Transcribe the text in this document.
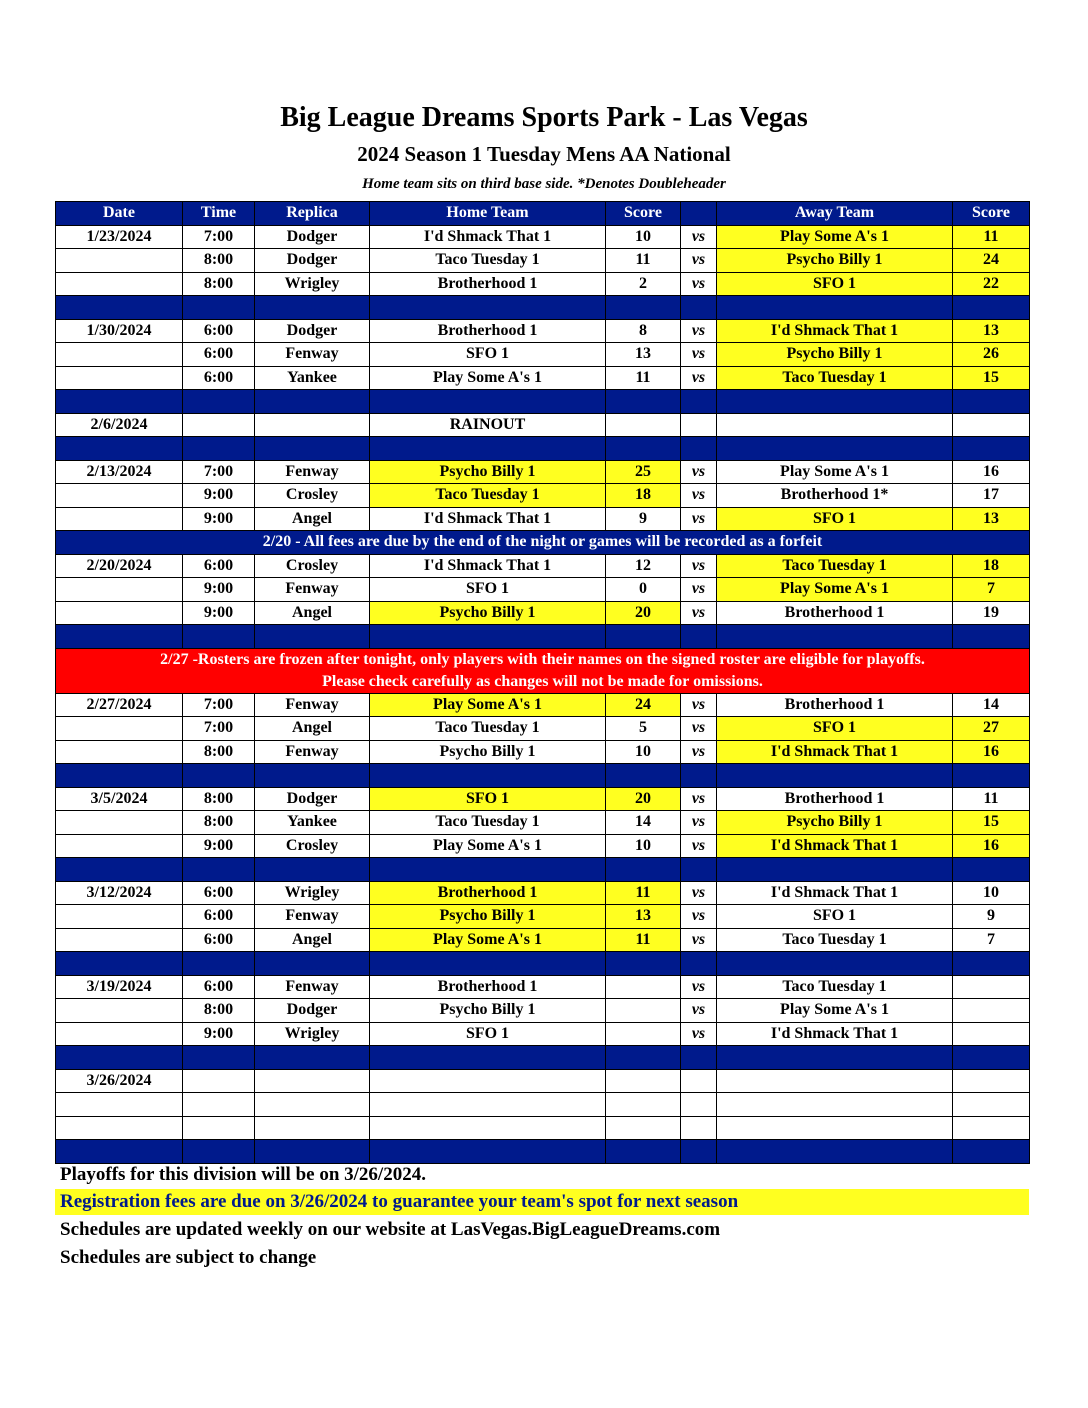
Big League Dreams Sports Park - Las Vegas
2024 Season 1 Tuesday Mens AA National
Home team sits on third base side. *Denotes Doubleheader
Date	Time	Replica	Home Team	Score		Away Team	Score
1/23/2024	7:00	Dodger	I'd Shmack That 1	10	vs	Play Some A's 1	11
	8:00	Dodger	Taco Tuesday 1	11	vs	Psycho Billy 1	24
	8:00	Wrigley	Brotherhood 1	2	vs	SFO 1	22

1/30/2024	6:00	Dodger	Brotherhood 1	8	vs	I'd Shmack That 1	13
	6:00	Fenway	SFO 1	13	vs	Psycho Billy 1	26
	6:00	Yankee	Play Some A's 1	11	vs	Taco Tuesday 1	15

2/6/2024			RAINOUT				

2/13/2024	7:00	Fenway	Psycho Billy 1	25	vs	Play Some A's 1	16
	9:00	Crosley	Taco Tuesday 1	18	vs	Brotherhood 1*	17
	9:00	Angel	I'd Shmack That 1	9	vs	SFO 1	13
2/20 - All fees are due by the end of the night or games will be recorded as a forfeit							
2/20/2024	6:00	Crosley	I'd Shmack That 1	12	vs	Taco Tuesday 1	18
	9:00	Fenway	SFO 1	0	vs	Play Some A's 1	7
	9:00	Angel	Psycho Billy 1	20	vs	Brotherhood 1	19

2/27 -Rosters are frozen after tonight, only players with their names on the signed roster are eligible for playoffs.
Please check carefully as changes will not be made for omissions.							

2/27/2024	7:00	Fenway	Play Some A's 1	24	vs	Brotherhood 1	14
	7:00	Angel	Taco Tuesday 1	5	vs	SFO 1	27
	8:00	Fenway	Psycho Billy 1	10	vs	I'd Shmack That 1	16

3/5/2024	8:00	Dodger	SFO 1	20	vs	Brotherhood 1	11
	8:00	Yankee	Taco Tuesday 1	14	vs	Psycho Billy 1	15
	9:00	Crosley	Play Some A's 1	10	vs	I'd Shmack That 1	16

3/12/2024	6:00	Wrigley	Brotherhood 1	11	vs	I'd Shmack That 1	10
	6:00	Fenway	Psycho Billy 1	13	vs	SFO 1	9
	6:00	Angel	Play Some A's 1	11	vs	Taco Tuesday 1	7

3/19/2024	6:00	Fenway	Brotherhood 1		vs	Taco Tuesday 1	
	8:00	Dodger	Psycho Billy 1		vs	Play Some A's 1	
	9:00	Wrigley	SFO 1		vs	I'd Shmack That 1	

3/26/2024							

Playoffs for this division will be on 3/26/2024.
Registration fees are due on 3/26/2024 to guarantee your team's spot for next season
Schedules are updated weekly on our website at LasVegas.BigLeagueDreams.com
Schedules are subject to change
